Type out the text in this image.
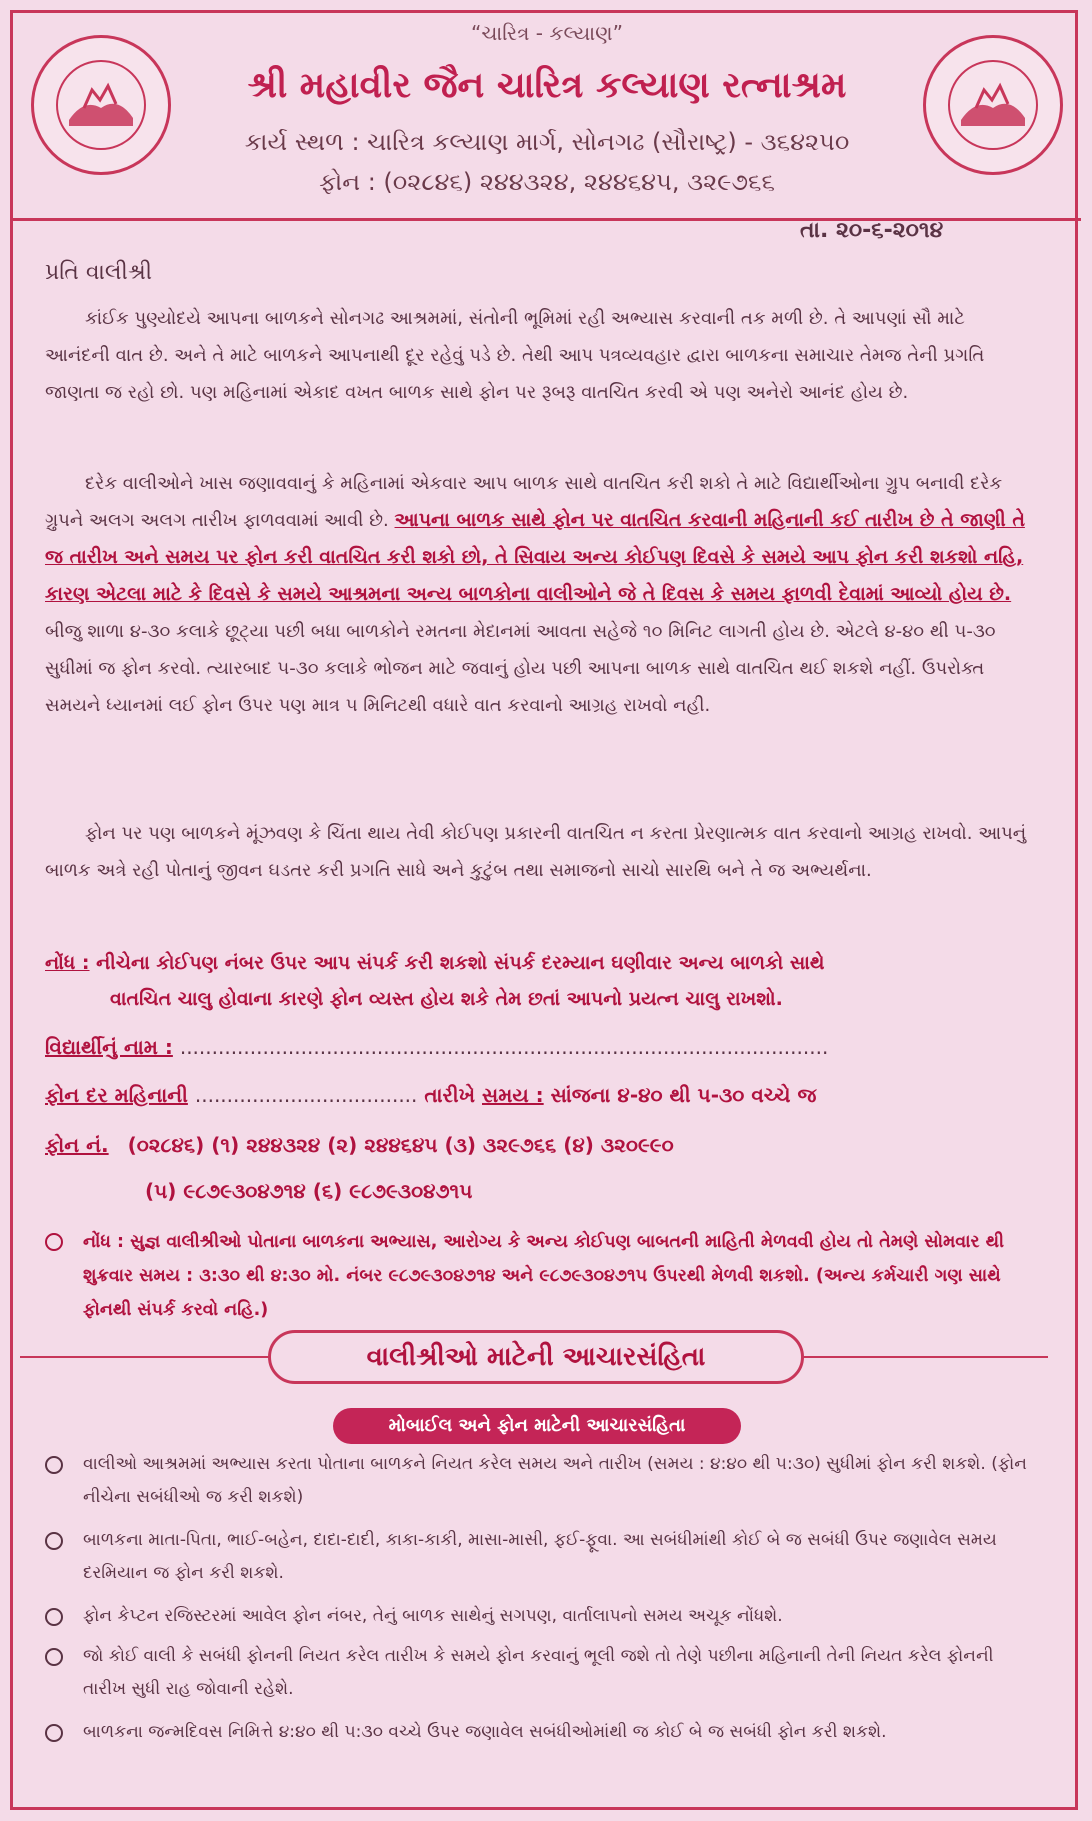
“ચારિત્ર - કલ્યાણ”
શ્રી મહાવીર જૈન ચારિત્ર કલ્યાણ રત્નાશ્રમ
કાર્ય સ્થળ : ચારિત્ર કલ્યાણ માર્ગ, સોનગઢ (સૌરાષ્ટ્ર) - ૩૬૪૨૫૦
ફોન : (૦૨૮૪૬) ૨૪૪૩૨૪, ૨૪૪૬૪૫, ૩૨૯૭૬૬
તા. ૨૦-૬-૨૦૧૪
પ્રતિ વાલીશ્રી
કાંઈક પુણ્યોદયે આપના બાળકને સોનગઢ આશ્રમમાં, સંતોની ભૂમિમાં રહી અભ્યાસ કરવાની તક મળી છે. તે આપણાં સૌ માટે આનંદની વાત છે. અને તે માટે બાળકને આપનાથી દૂર રહેવું પડે છે. તેથી આપ પત્રવ્યવહાર દ્વારા બાળકના સમાચાર તેમજ તેની પ્રગતિ જાણતા જ રહો છો. પણ મહિનામાં એકાદ વખત બાળક સાથે ફોન પર રૂબરૂ વાતચિત કરવી એ પણ અનેરો આનંદ હોય છે.
દરેક વાલીઓને ખાસ જણાવવાનું કે મહિનામાં એકવાર આપ બાળક સાથે વાતચિત કરી શકો તે માટે વિદ્યાર્થીઓના ગ્રુપ બનાવી દરેક ગ્રુપને અલગ અલગ તારીખ ફાળવવામાં આવી છે. આપના બાળક સાથે ફોન પર વાતચિત કરવાની મહિનાની કઈ તારીખ છે તે જાણી તે જ તારીખ અને સમય પર ફોન કરી વાતચિત કરી શકો છો, તે સિવાય અન્ય કોઈપણ દિવસે કે સમયે આપ ફોન કરી શકશો નહિ, કારણ એટલા માટે કે દિવસે કે સમયે આશ્રમના અન્ય બાળકોના વાલીઓને જે તે દિવસ કે સમય ફાળવી દેવામાં આવ્યો હોય છે. બીજુ શાળા ૪-૩૦ કલાકે છૂટ્યા પછી બધા બાળકોને રમતના મેદાનમાં આવતા સહેજે ૧૦ મિનિટ લાગતી હોય છે. એટલે ૪-૪૦ થી ૫-૩૦ સુધીમાં જ ફોન કરવો. ત્યારબાદ ૫-૩૦ કલાકે ભોજન માટે જવાનું હોય પછી આપના બાળક સાથે વાતચિત થઈ શકશે નહીં. ઉપરોક્ત સમયને ધ્યાનમાં લઈ ફોન ઉપર પણ માત્ર ૫ મિનિટથી વધારે વાત કરવાનો આગ્રહ રાખવો નહી.
ફોન પર પણ બાળકને મૂંઝવણ કે ચિંતા થાય તેવી કોઈપણ પ્રકારની વાતચિત ન કરતા પ્રેરણાત્મક વાત કરવાનો આગ્રહ રાખવો. આપનું બાળક અત્રે રહી પોતાનું જીવન ઘડતર કરી પ્રગતિ સાધે અને કુટુંબ તથા સમાજનો સાચો સારથિ બને તે જ અભ્યર્થના.
નોંધ : નીચેના કોઈપણ નંબર ઉપર આપ સંપર્ક કરી શકશો સંપર્ક દરમ્યાન ઘણીવાર અન્ય બાળકો સાથે
વાતચિત ચાલુ હોવાના કારણે ફોન વ્યસ્ત હોય શકે તેમ છતાં આપનો પ્રયત્ન ચાલુ રાખશો.
વિદ્યાર્થીનું નામ : ......................................................................................................
ફોન દર મહિનાની ................................... તારીખે સમય : સાંજના ૪-૪૦ થી ૫-૩૦ વચ્ચે જ
ફોન નં. (૦૨૮૪૬) (૧) ૨૪૪૩૨૪ (૨) ૨૪૪૬૪૫ (૩) ૩૨૯૭૬૬ (૪) ૩૨૦૯૯૦
(૫) ૯૮૭૯૩૦૪૭૧૪ (૬) ૯૮૭૯૩૦૪૭૧૫
નોંધ : સુજ્ઞ વાલીશ્રીઓ પોતાના બાળકના અભ્યાસ, આરોગ્ય કે અન્ય કોઈપણ બાબતની માહિતી મેળવવી હોય તો તેમણે સોમવાર થી શુક્રવાર સમય : ૩:૩૦ થી ૪:૩૦ મો. નંબર ૯૮૭૯૩૦૪૭૧૪ અને ૯૮૭૯૩૦૪૭૧૫ ઉપરથી મેળવી શકશો. (અન્ય કર્મચારી ગણ સાથે ફોનથી સંપર્ક કરવો નહિ.)
વાલીશ્રીઓ માટેની આચારસંહિતા
મોબાઈલ અને ફોન માટેની આચારસંહિતા
વાલીઓ આશ્રમમાં અભ્યાસ કરતા પોતાના બાળકને નિયત કરેલ સમય અને તારીખ (સમય : ૪:૪૦ થી ૫:૩૦) સુધીમાં ફોન કરી શકશે. (ફોન નીચેના સબંધીઓ જ કરી શકશે)
બાળકના માતા-પિતા, ભાઈ-બહેન, દાદા-દાદી, કાકા-કાકી, માસા-માસી, ફઈ-ફૂવા. આ સબંધીમાંથી કોઈ બે જ સબંધી ઉપર જણાવેલ સમય દરમિયાન જ ફોન કરી શકશે.
ફોન કેપ્ટન રજિસ્ટરમાં આવેલ ફોન નંબર, તેનું બાળક સાથેનું સગપણ, વાર્તાલાપનો સમય અચૂક નોંધશે.
જો કોઈ વાલી કે સબંધી ફોનની નિયત કરેલ તારીખ કે સમયે ફોન કરવાનું ભૂલી જશે તો તેણે પછીના મહિનાની તેની નિયત કરેલ ફોનની તારીખ સુધી રાહ જોવાની રહેશે.
બાળકના જન્મદિવસ નિમિત્તે ૪:૪૦ થી ૫:૩૦ વચ્ચે ઉપર જણાવેલ સબંધીઓમાંથી જ કોઈ બે જ સબંધી ફોન કરી શકશે.
